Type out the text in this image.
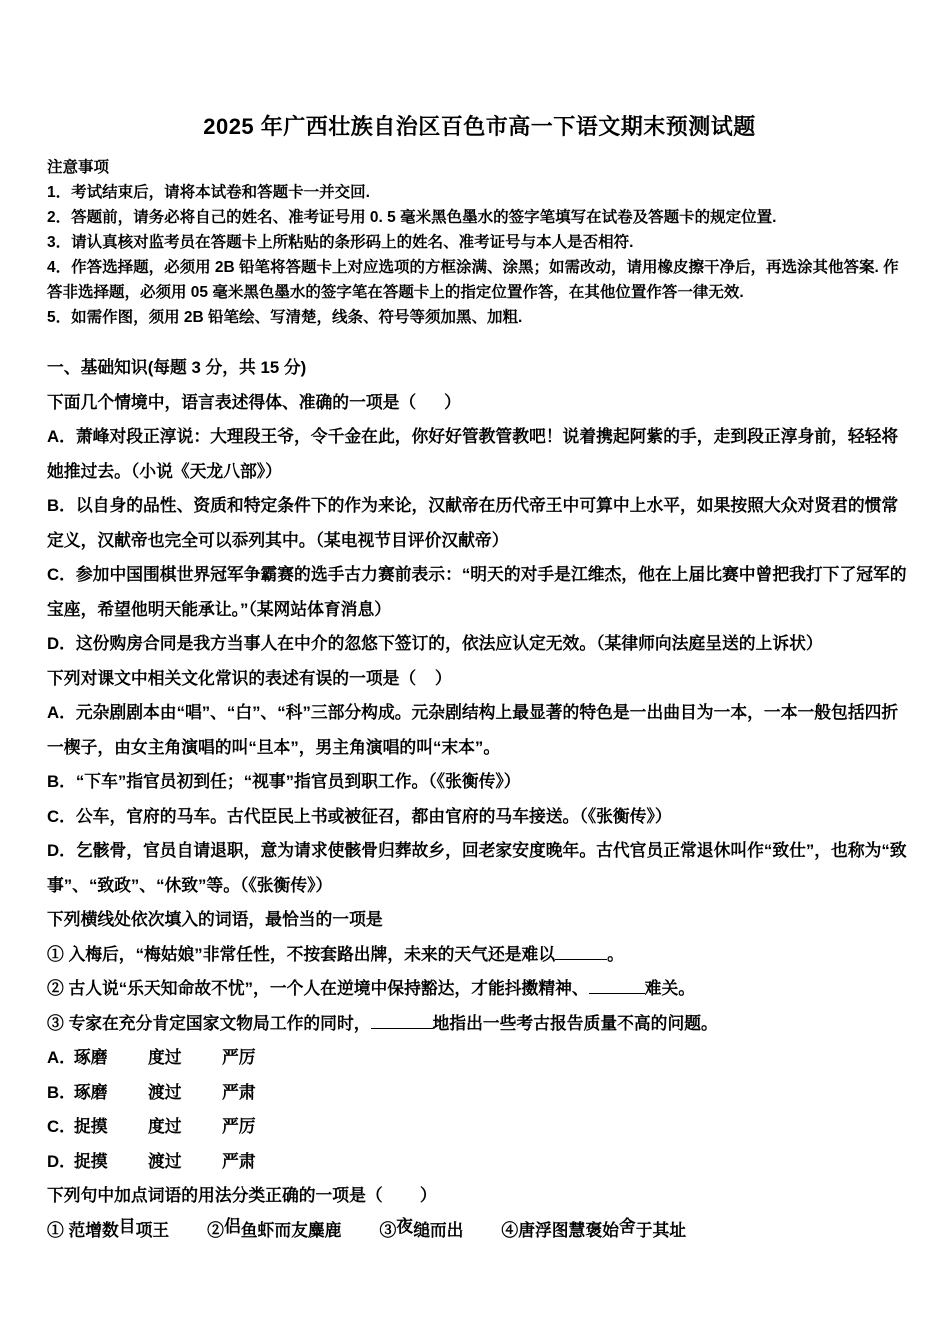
2025 年广西壮族自治区百色市高一下语文期末预测试题

注意事项

1．考试结束后，请将本试卷和答题卡一并交回.

2．答题前，请务必将自己的姓名、准考证号用 0. 5 毫米黑色墨水的签字笔填写在试卷及答题卡的规定位置.

3．请认真核对监考员在答题卡上所粘贴的条形码上的姓名、准考证号与本人是否相符.

4．作答选择题，必须用 2B 铅笔将答题卡上对应选项的方框涂满、涂黑；如需改动，请用橡皮擦干净后，再选涂其他答案. 作答非选择题，必须用 05 毫米黑色墨水的签字笔在答题卡上的指定位置作答，在其他位置作答一律无效.

5．如需作图，须用 2B 铅笔绘、写清楚，线条、符号等须加黑、加粗.

一、基础知识(每题 3 分，共 15 分)

下面几个情境中，语言表述得体、准确的一项是（      ）

A．萧峰对段正淳说：大理段王爷，令千金在此，你好好管教管教吧！说着携起阿紫的手，走到段正淳身前，轻轻将她推过去。（小说《天龙八部》）

B．以自身的品性、资质和特定条件下的作为来论，汉献帝在历代帝王中可算中上水平，如果按照大众对贤君的惯常定义，汉献帝也完全可以忝列其中。（某电视节目评价汉献帝）

C．参加中国围棋世界冠军争霸赛的选手古力赛前表示：“明天的对手是江维杰，他在上届比赛中曾把我打下了冠军的宝座，希望他明天能承让。”（某网站体育消息）

D．这份购房合同是我方当事人在中介的忽悠下签订的，依法应认定无效。（某律师向法庭呈送的上诉状）

下列对课文中相关文化常识的表述有误的一项是（    ）

A．元杂剧剧本由“唱”、“白”、“科”三部分构成。元杂剧结构上最显著的特色是一出曲目为一本，一本一般包括四折一楔子，由女主角演唱的叫“旦本”，男主角演唱的叫“末本”。

B．“下车”指官员初到任；“视事”指官员到职工作。（《张衡传》）

C．公车，官府的马车。古代臣民上书或被征召，都由官府的马车接送。（《张衡传》）

D．乞骸骨，官员自请退职，意为请求使骸骨归葬故乡，回老家安度晚年。古代官员正常退休叫作“致仕”，也称为“致事”、“致政”、“休致”等。（《张衡传》）

下列横线处依次填入的词语，最恰当的一项是

① 入梅后，“梅姑娘”非常任性，不按套路出牌，未来的天气还是难以	。

② 古人说“乐天知命故不忧”，一个人在逆境中保持豁达，才能抖擞精神、	难关。

③ 专家在充分肯定国家文物局工作的同时，	地指出一些考古报告质量不高的问题。

A．琢磨 度过 严厉

B．琢磨 渡过 严肃

C．捉摸 度过 严厉

D．捉摸 渡过 严肃

下列句中加点词语的用法分类正确的一项是（        ）

① 范增数目项王 ②侣鱼虾而友麋鹿 ③夜缒而出 ④唐浮图慧褒始舍于其址
